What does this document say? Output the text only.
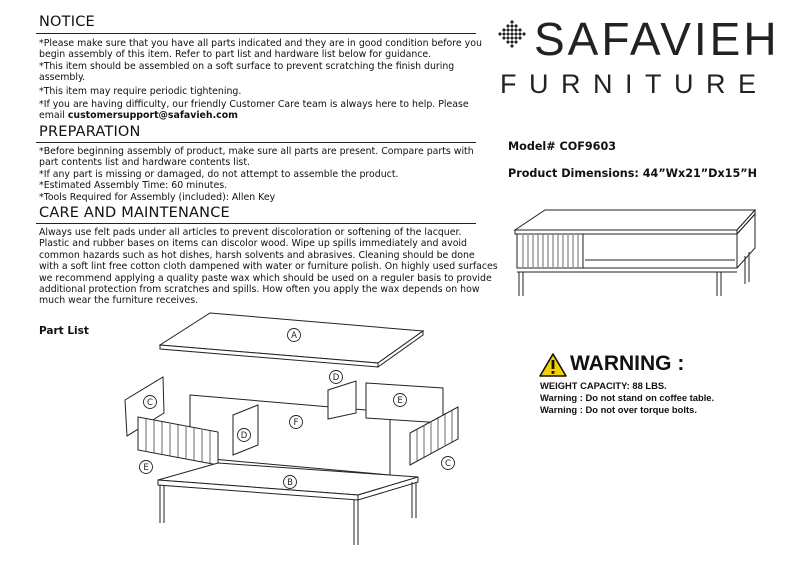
NOTICE

*Please make sure that you have all parts indicated and they are in good condition before you

begin assembly of this item. Refer to part list and hardware list below for guidance.

*This item should be assembled on a soft surface to prevent scratching the finish during

assembly.

*This item may require periodic tightening.

*If you are having difficulty, our friendly Customer Care team is always here to help. Please

email customersupport@safavieh.com

PREPARATION

*Before beginning assembly of product, make sure all parts are present. Compare parts with

part contents list and hardware contents list.

*If any part is missing or damaged, do not attempt to assemble the product.

*Estimated Assembly Time: 60 minutes.

*Tools Required for Assembly (included): Allen Key

CARE AND MAINTENANCE

Always use felt pads under all articles to prevent discoloration or softening of the lacquer.

Plastic and rubber bases on items can discolor wood. Wipe up spills immediately and avoid

common hazards such as hot dishes, harsh solvents and abrasives. Cleaning should be done

with a soft lint free cotton cloth dampened with water or furniture polish. On highly used surfaces

we recommend applying a quality paste wax which should be used on a reguler basis to provide

additional protection from scratches and spills. How often you apply the wax depends on how

much wear the furniture receives.

SAFAVIEH
FURNITURE
Model# COF9603
Product Dimensions: 44”Wx21”Dx15”H
Part List	A
B
C
C
D
D
E
E
F
WARNING :
WEIGHT CAPACITY: 88 LBS.
Warning : Do not stand on coffee table.
Warning : Do not over torque bolts.
